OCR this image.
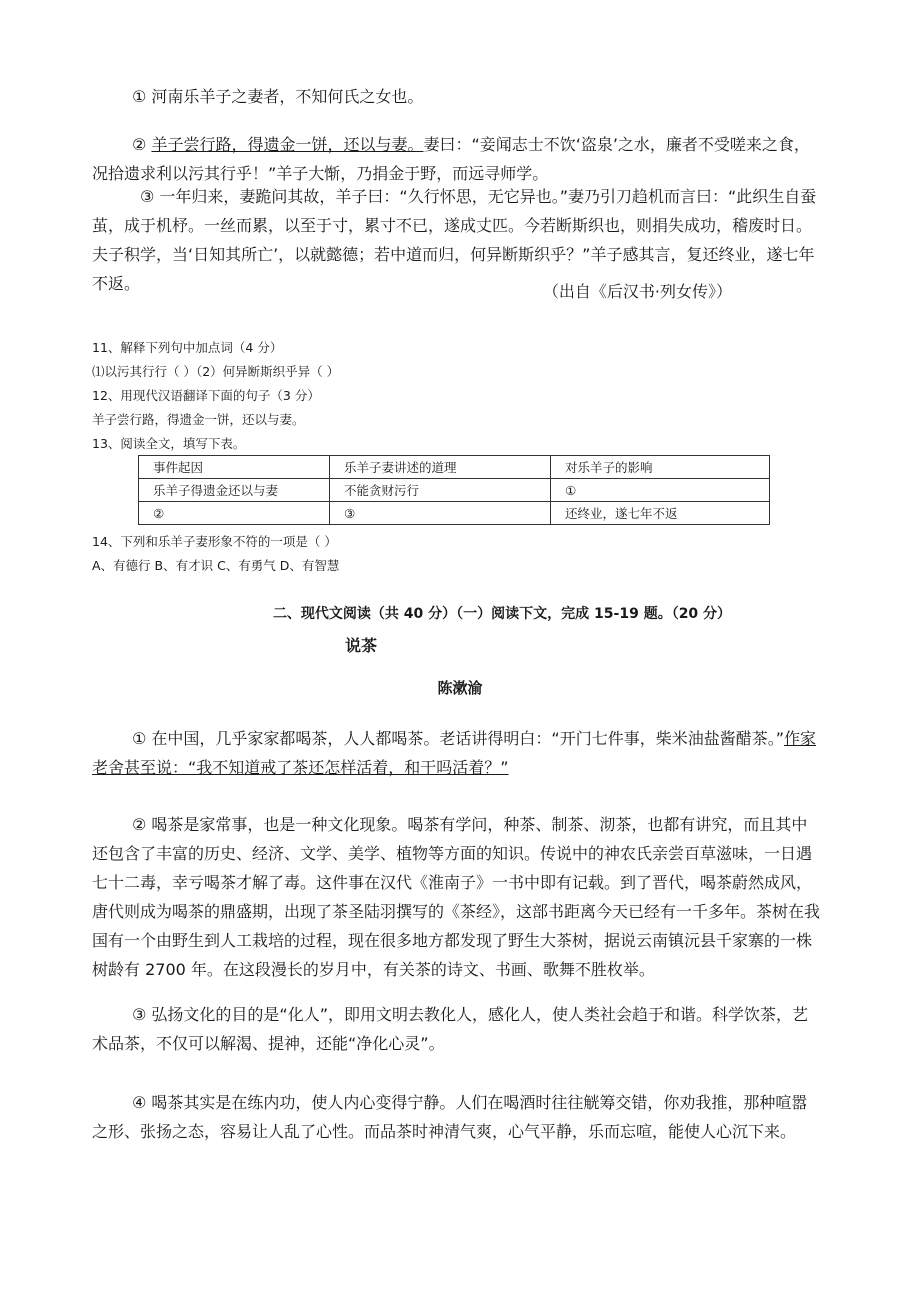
① 河南乐羊子之妻者，不知何氏之女也。

② 羊子尝行路，得遗金一饼，还以与妻。妻曰：“妾闻志士不饮‘盗泉’之水，廉者不受嗟来之食，况拾遗求利以污其行乎！”羊子大惭，乃捐金于野，而远寻师学。

③ 一年归来，妻跪问其故，羊子曰：“久行怀思，无它异也。”妻乃引刀趋机而言曰：“此织生自蚕茧，成于机杼。一丝而累，以至于寸，累寸不已，遂成丈匹。今若断斯织也，则捐失成功，稽废时日。夫子积学，当‘日知其所亡’，以就懿德；若中道而归，何异断斯织乎？”羊子感其言，复还终业，遂七年不返。	（出自《后汉书·列女传》）

11、解释下列句中加点词（4 分）

⑴以污其行行（ ）（2）何异断斯织乎异（ ）

12、用现代汉语翻译下面的句子（3 分）

羊子尝行路，得遗金一饼，还以与妻。

13、阅读全文，填写下表。

事件起因	乐羊子妻讲述的道理	对乐羊子的影响
乐羊子得遗金还以与妻	不能贪财污行	①
②	③	还终业，遂七年不返

14、下列和乐羊子妻形象不符的一项是（ ）

A、有德行 B、有才识 C、有勇气 D、有智慧

二、现代文阅读（共 40 分）（一）阅读下文，完成 15-19 题。（20 分）

说茶

陈漱渝

① 在中国，几乎家家都喝茶，人人都喝茶。老话讲得明白：“开门七件事，柴米油盐酱醋茶。”作家老舍甚至说：“我不知道戒了茶还怎样活着，和干吗活着？”

② 喝茶是家常事，也是一种文化现象。喝茶有学问，种茶、制茶、沏茶，也都有讲究，而且其中还包含了丰富的历史、经济、文学、美学、植物等方面的知识。传说中的神农氏亲尝百草滋味，一日遇七十二毒，幸亏喝茶才解了毒。这件事在汉代《淮南子》一书中即有记载。到了晋代，喝茶蔚然成风，唐代则成为喝茶的鼎盛期，出现了茶圣陆羽撰写的《茶经》，这部书距离今天已经有一千多年。茶树在我国有一个由野生到人工栽培的过程，现在很多地方都发现了野生大茶树，据说云南镇沅县千家寨的一株树龄有 2700 年。在这段漫长的岁月中，有关茶的诗文、书画、歌舞不胜枚举。

③ 弘扬文化的目的是“化人”，即用文明去教化人，感化人，使人类社会趋于和谐。科学饮茶，艺术品茶，不仅可以解渴、提神，还能“净化心灵”。

④ 喝茶其实是在练内功，使人内心变得宁静。人们在喝酒时往往觥筹交错，你劝我推，那种喧嚣之形、张扬之态，容易让人乱了心性。而品茶时神清气爽，心气平静，乐而忘喧，能使人心沉下来。
